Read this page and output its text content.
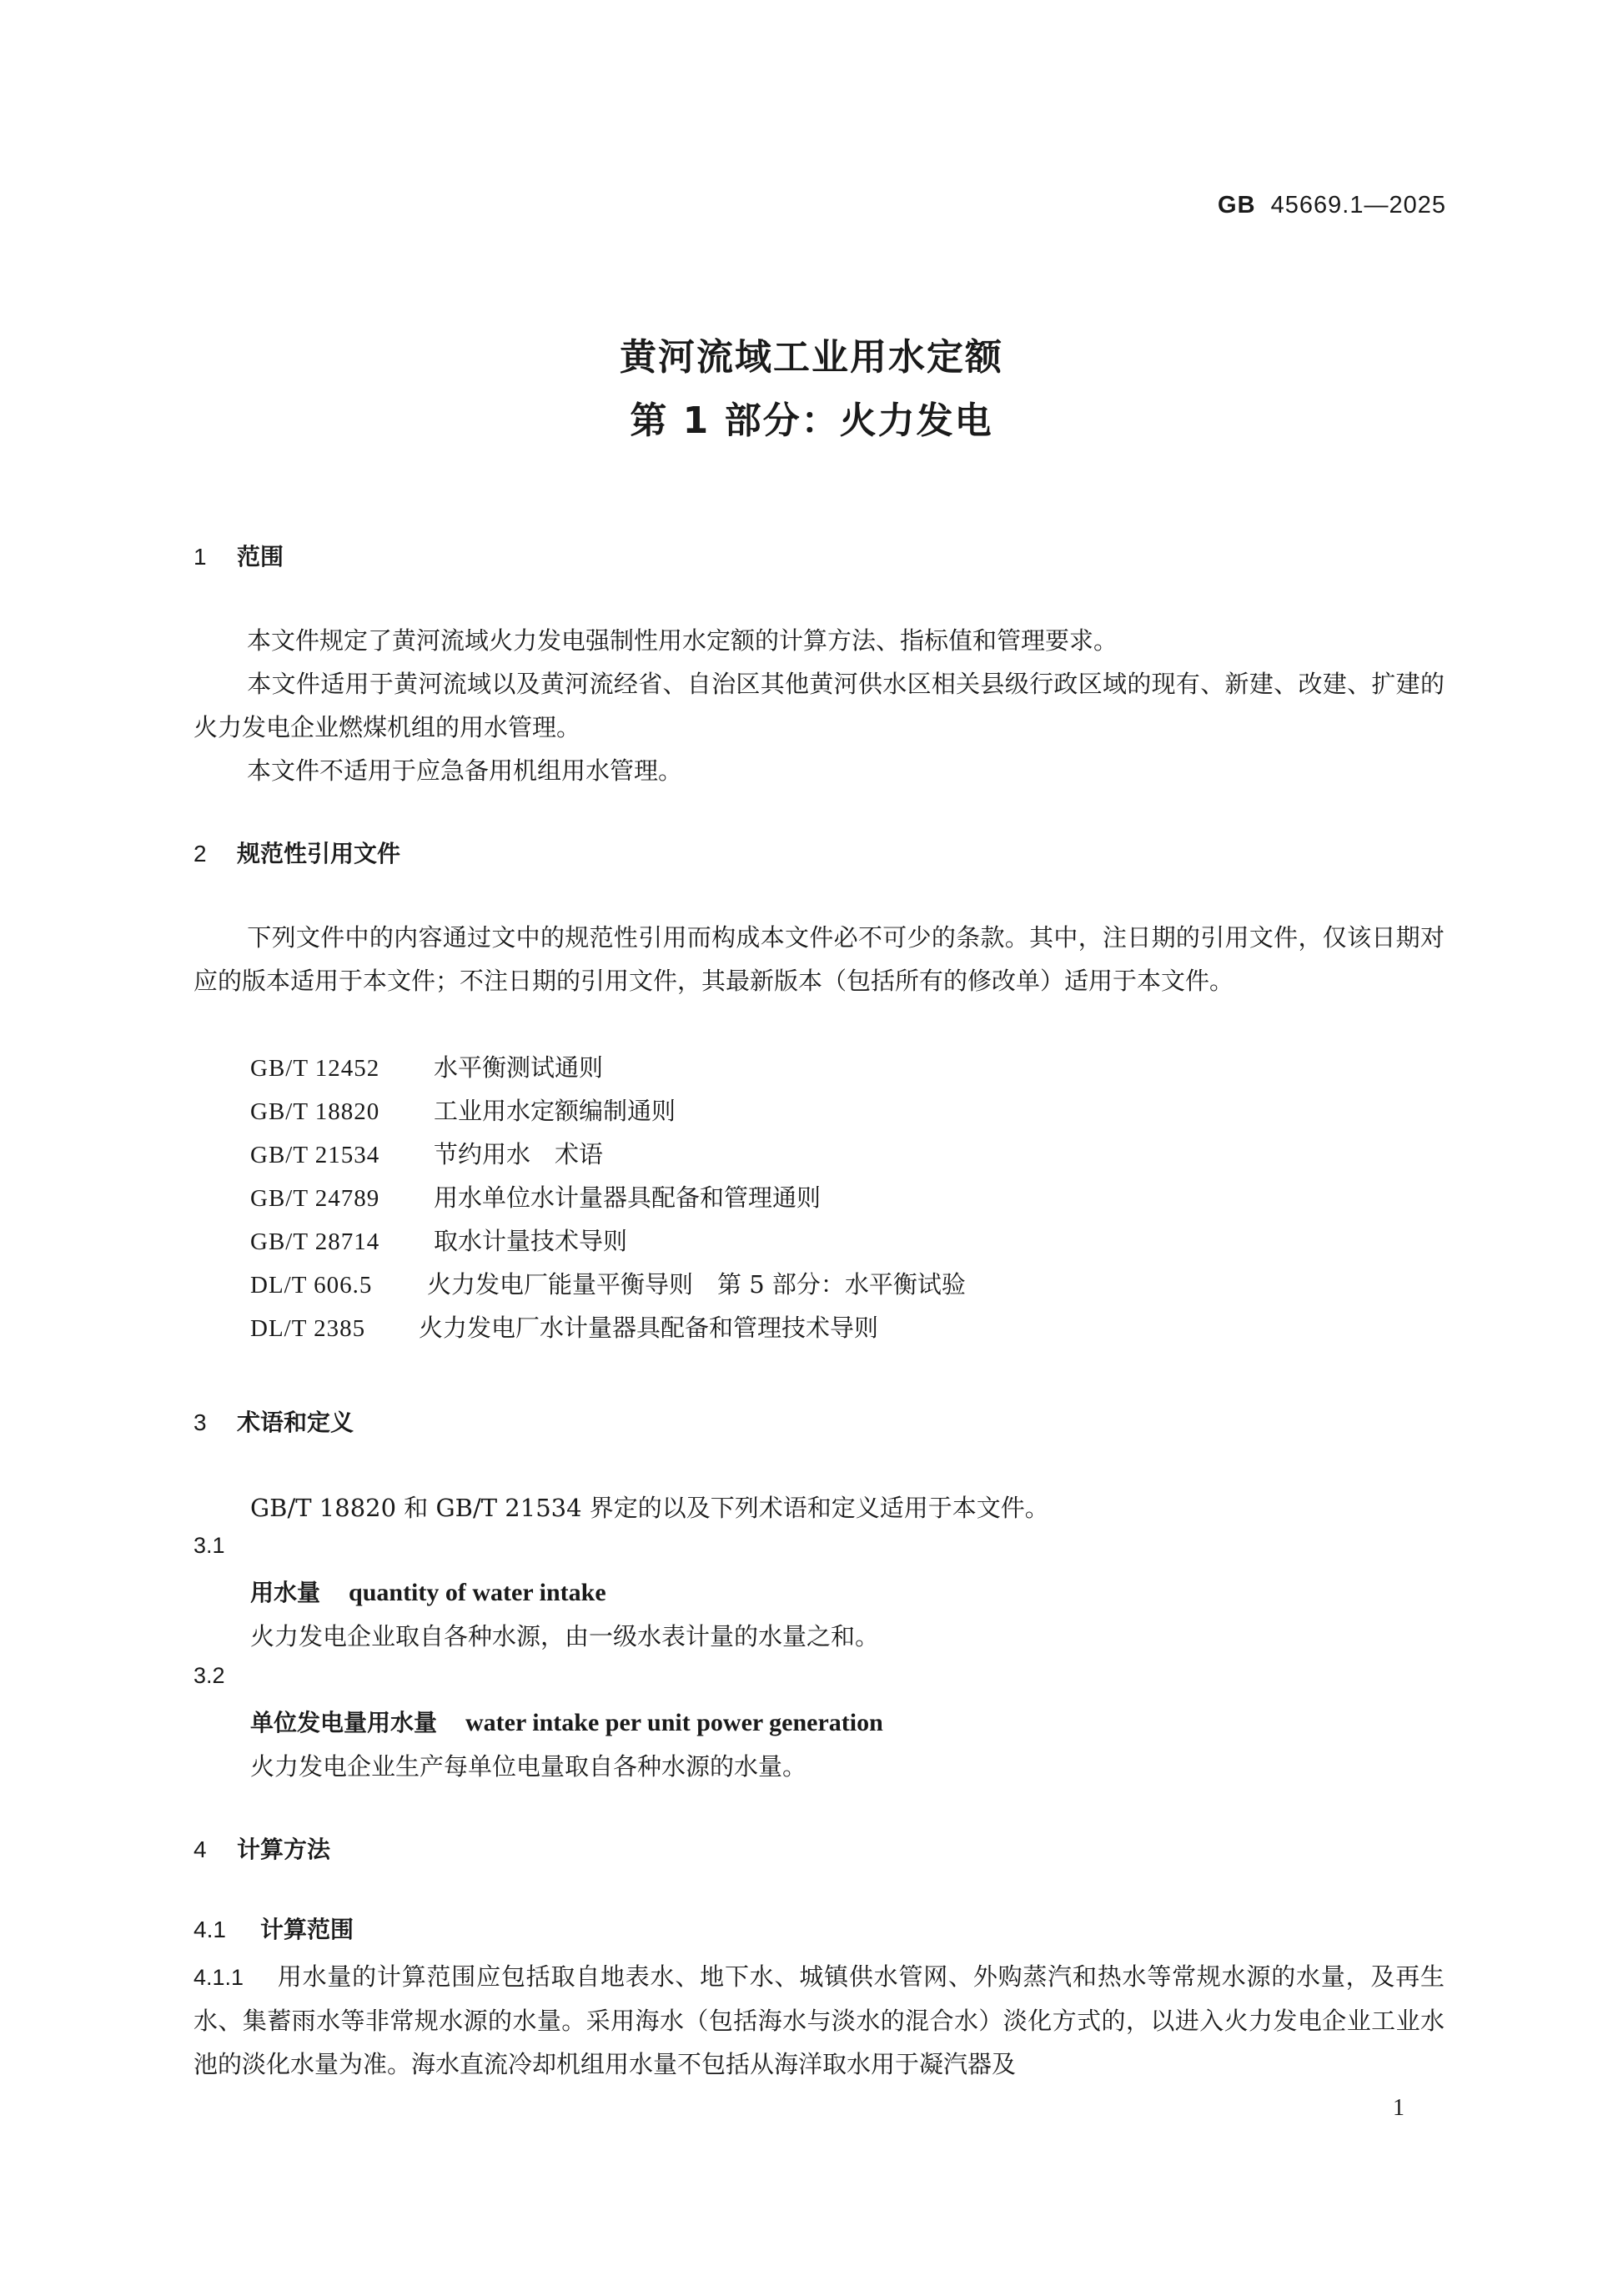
GB 45669.1—2025
黄河流域工业用水定额
第 1 部分：火力发电
1 范围
本文件规定了黄河流域火力发电强制性用水定额的计算方法、指标值和管理要求。
本文件适用于黄河流域以及黄河流经省、自治区其他黄河供水区相关县级行政区域的现有、新建、改建、扩建的火力发电企业燃煤机组的用水管理。
本文件不适用于应急备用机组用水管理。
2 规范性引用文件
下列文件中的内容通过文中的规范性引用而构成本文件必不可少的条款。其中，注日期的引用文件，仅该日期对应的版本适用于本文件；不注日期的引用文件，其最新版本（包括所有的修改单）适用于本文件。
GB/T 12452 水平衡测试通则
GB/T 18820 工业用水定额编制通则
GB/T 21534 节约用水　术语
GB/T 24789 用水单位水计量器具配备和管理通则
GB/T 28714 取水计量技术导则
DL/T 606.5 火力发电厂能量平衡导则　第 5 部分：水平衡试验
DL/T 2385 火力发电厂水计量器具配备和管理技术导则
3 术语和定义
GB/T 18820 和 GB/T 21534 界定的以及下列术语和定义适用于本文件。
3.1
用水量 quantity of water intake
火力发电企业取自各种水源，由一级水表计量的水量之和。
3.2
单位发电量用水量 water intake per unit power generation
火力发电企业生产每单位电量取自各种水源的水量。
4 计算方法
4.1 计算范围
4.1.1 用水量的计算范围应包括取自地表水、地下水、城镇供水管网、外购蒸汽和热水等常规水源的水量，及再生水、集蓄雨水等非常规水源的水量。采用海水（包括海水与淡水的混合水）淡化方式的，以进入火力发电企业工业水池的淡化水量为准。海水直流冷却机组用水量不包括从海洋取水用于凝汽器及
1
